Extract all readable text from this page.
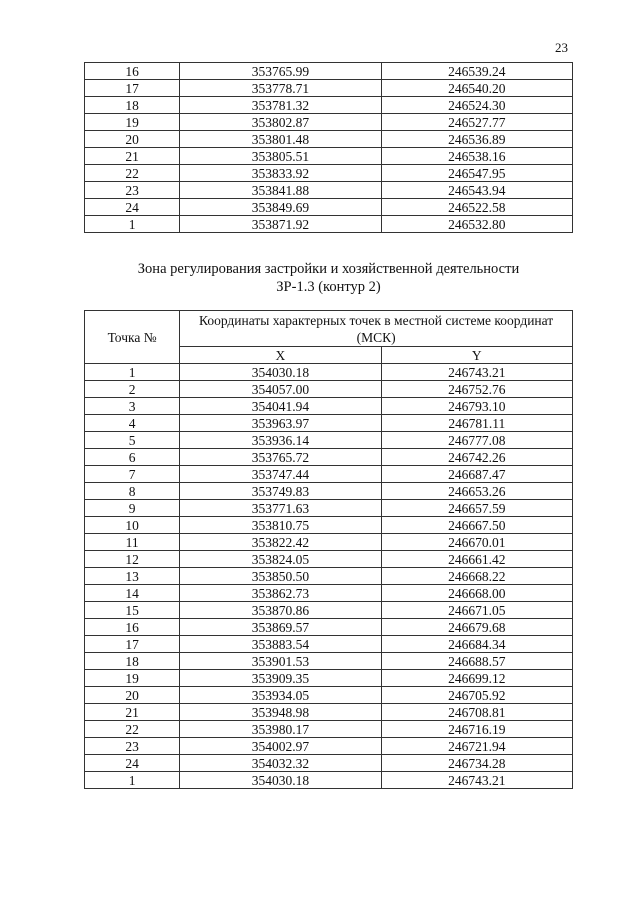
23
16	353765.99	246539.24
17	353778.71	246540.20
18	353781.32	246524.30
19	353802.87	246527.77
20	353801.48	246536.89
21	353805.51	246538.16
22	353833.92	246547.95
23	353841.88	246543.94
24	353849.69	246522.58
1	353871.92	246532.80
Зона регулирования застройки и хозяйственной деятельности
ЗР-1.3 (контур 2)
Точка №	Координаты характерных точек в местной системе координат (МСК)	
	X	Y
1	354030.18	246743.21
2	354057.00	246752.76
3	354041.94	246793.10
4	353963.97	246781.11
5	353936.14	246777.08
6	353765.72	246742.26
7	353747.44	246687.47
8	353749.83	246653.26
9	353771.63	246657.59
10	353810.75	246667.50
11	353822.42	246670.01
12	353824.05	246661.42
13	353850.50	246668.22
14	353862.73	246668.00
15	353870.86	246671.05
16	353869.57	246679.68
17	353883.54	246684.34
18	353901.53	246688.57
19	353909.35	246699.12
20	353934.05	246705.92
21	353948.98	246708.81
22	353980.17	246716.19
23	354002.97	246721.94
24	354032.32	246734.28
1	354030.18	246743.21
